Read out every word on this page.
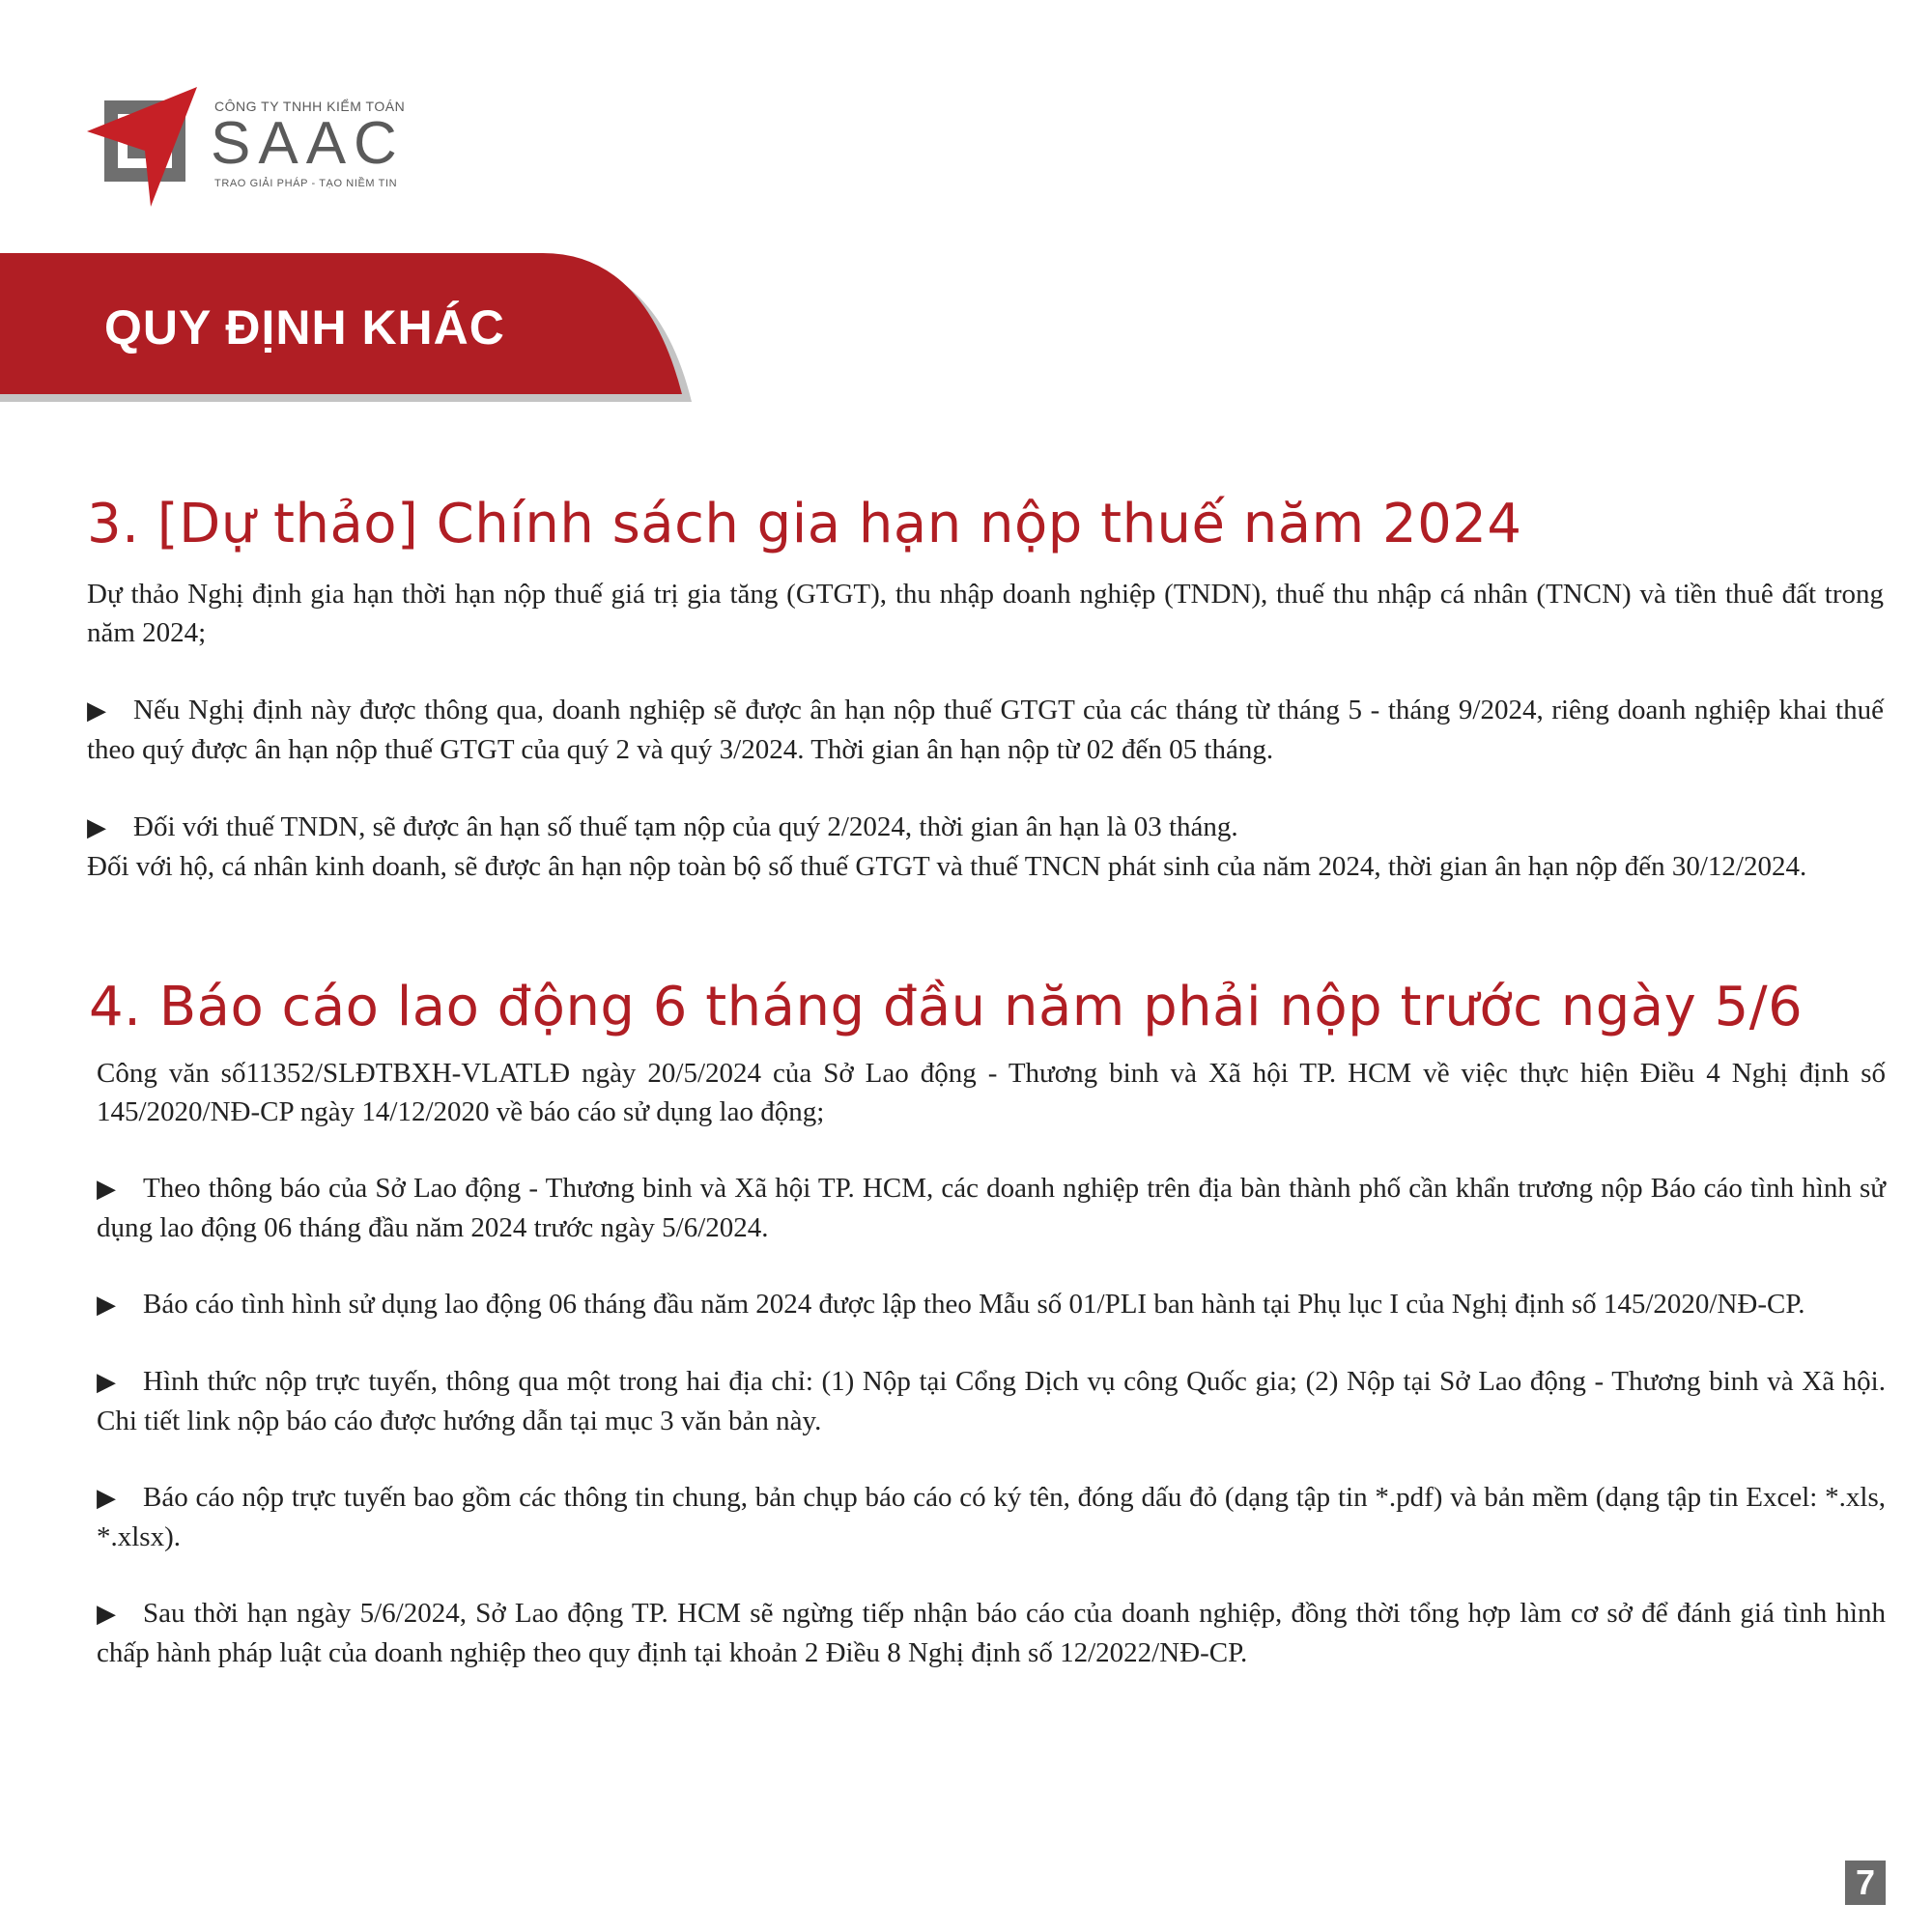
CÔNG TY TNHH KIỂM TOÁN
SAAC
TRAO GIẢI PHÁP - TẠO NIỀM TIN
QUY ĐỊNH KHÁC
3. [Dự thảo] Chính sách gia hạn nộp thuế năm 2024

Dự thảo Nghị định gia hạn thời hạn nộp thuế giá trị gia tăng (GTGT), thu nhập doanh nghiệp (TNDN), thuế thu nhập cá nhân (TNCN) và tiền thuê đất trong năm 2024;

▶ Nếu Nghị định này được thông qua, doanh nghiệp sẽ được ân hạn nộp thuế GTGT của các tháng từ tháng 5 - tháng 9/2024, riêng doanh nghiệp khai thuế theo quý được ân hạn nộp thuế GTGT của quý 2 và quý 3/2024. Thời gian ân hạn nộp từ 02 đến 05 tháng.

▶ Đối với thuế TNDN, sẽ được ân hạn số thuế tạm nộp của quý 2/2024, thời gian ân hạn là 03 tháng.

Đối với hộ, cá nhân kinh doanh, sẽ được ân hạn nộp toàn bộ số thuế GTGT và thuế TNCN phát sinh của năm 2024, thời gian ân hạn nộp đến 30/12/2024.

4. Báo cáo lao động 6 tháng đầu năm phải nộp trước ngày 5/6

Công văn số11352/SLĐTBXH-VLATLĐ ngày 20/5/2024 của Sở Lao động - Thương binh và Xã hội TP. HCM về việc thực hiện Điều 4 Nghị định số 145/2020/NĐ-CP ngày 14/12/2020 về báo cáo sử dụng lao động;

▶ Theo thông báo của Sở Lao động - Thương binh và Xã hội TP. HCM, các doanh nghiệp trên địa bàn thành phố cần khẩn trương nộp Báo cáo tình hình sử dụng lao động 06 tháng đầu năm 2024 trước ngày 5/6/2024.

▶ Báo cáo tình hình sử dụng lao động 06 tháng đầu năm 2024 được lập theo Mẫu số 01/PLI ban hành tại Phụ lục I của Nghị định số 145/2020/NĐ-CP.

▶ Hình thức nộp trực tuyến, thông qua một trong hai địa chỉ: (1) Nộp tại Cổng Dịch vụ công Quốc gia; (2) Nộp tại Sở Lao động - Thương binh và Xã hội. Chi tiết link nộp báo cáo được hướng dẫn tại mục 3 văn bản này.

▶ Báo cáo nộp trực tuyến bao gồm các thông tin chung, bản chụp báo cáo có ký tên, đóng dấu đỏ (dạng tập tin *.pdf) và bản mềm (dạng tập tin Excel: *.xls, *.xlsx).

▶ Sau thời hạn ngày 5/6/2024, Sở Lao động TP. HCM sẽ ngừng tiếp nhận báo cáo của doanh nghiệp, đồng thời tổng hợp làm cơ sở để đánh giá tình hình chấp hành pháp luật của doanh nghiệp theo quy định tại khoản 2 Điều 8 Nghị định số 12/2022/NĐ-CP.

7
